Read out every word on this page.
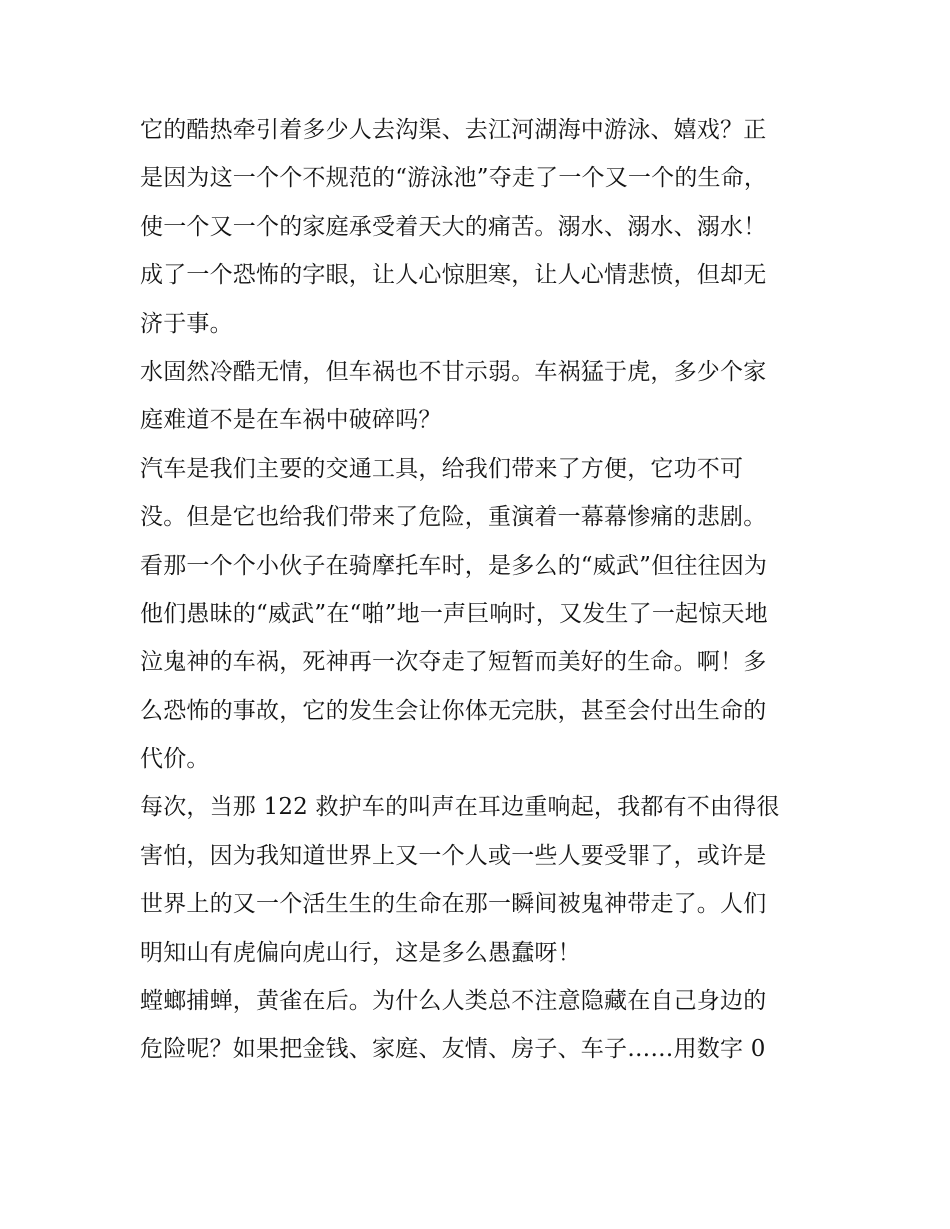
它的酷热牵引着多少人去沟渠、去江河湖海中游泳、嬉戏？正
是因为这一个个不规范的“游泳池”夺走了一个又一个的生命，
使一个又一个的家庭承受着天大的痛苦。溺水、溺水、溺水！
成了一个恐怖的字眼，让人心惊胆寒，让人心情悲愤，但却无
济于事。
水固然冷酷无情，但车祸也不甘示弱。车祸猛于虎，多少个家
庭难道不是在车祸中破碎吗？
汽车是我们主要的交通工具，给我们带来了方便，它功不可
没。但是它也给我们带来了危险，重演着一幕幕惨痛的悲剧。
看那一个个小伙子在骑摩托车时，是多么的“威武”但往往因为
他们愚昧的“威武”在“啪”地一声巨响时，又发生了一起惊天地
泣鬼神的车祸，死神再一次夺走了短暂而美好的生命。啊！多
么恐怖的事故，它的发生会让你体无完肤，甚至会付出生命的
代价。
每次，当那 122 救护车的叫声在耳边重响起，我都有不由得很
害怕，因为我知道世界上又一个人或一些人要受罪了，或许是
世界上的又一个活生生的生命在那一瞬间被鬼神带走了。人们
明知山有虎偏向虎山行，这是多么愚蠢呀！
螳螂捕蝉，黄雀在后。为什么人类总不注意隐藏在自己身边的
危险呢？如果把金钱、家庭、友情、房子、车子……用数字 0
